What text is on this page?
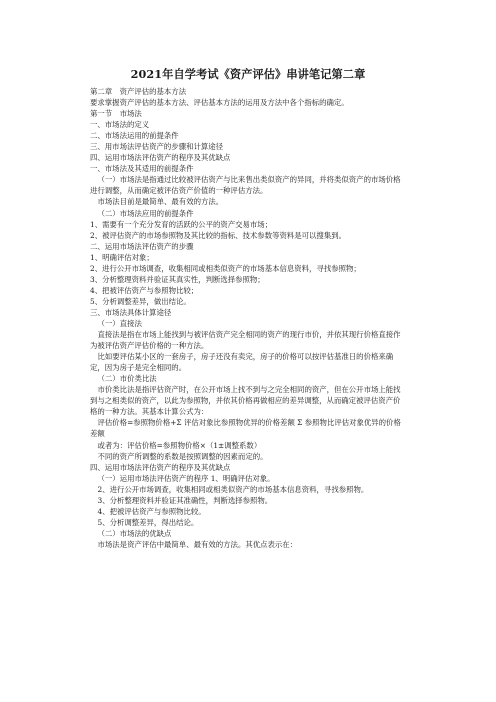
2021年自学考试《资产评估》串讲笔记第二章

第二章　资产评估的基本方法

要求掌握资产评估的基本方法、评估基本方法的运用及方法中各个指标的确定。

第一节　市场法

一、市场法的定义

二、市场法运用的前提条件

三、用市场法评估资产的步骤和计算途径

四、运用市场法评估资产的程序及其优缺点

一、市场法及其适用的前提条件

（一）市场法是指通过比较被评估资产与比来售出类似资产的异同，并将类似资产的市场价格进行调整，从而确定被评估资产价值的一种评估方法。

市场法目前是最简单、最有效的方法。

（二）市场法应用的前提条件

1、需要有一个充分发育的活跃的公平的资产交易市场；

2、被评估资产的市场参照物及其比较的指标、技术参数等资料是可以搜集到。

二、运用市场法评估资产的步骤

1、明确评估对象；

2、进行公开市场调查，收集相同或相类似资产的市场基本信息资料，寻找参照物；

3、分析整理资料并验证其真实性，判断选择参照物；

4、把被评估资产与参照物比较；

5、分析调整差异，做出结论。

三、市场法具体计算途径

（一）直接法

直接法是指在市场上能找到与被评估资产完全相同的资产的现行市价，并依其现行价格直接作为被评估资产评估价格的一种方法。

比如要评估某小区的一套房子，房子还没有卖完，房子的价格可以按评估基准日的价格来确定，因为房子是完全相同的。

（二）市价类比法

市价类比法是指评估资产时，在公开市场上找不到与之完全相同的资产，但在公开市场上能找到与之相类似的资产，以此为参照物，并依其价格再做相应的差异调整，从而确定被评估资产价格的一种方法。其基本计算公式为：

评估价格=参照物价格+Σ 评估对象比参照物优异的价格差额 Σ 参照物比评估对象优异的价格差额

或者为：评估价格=参照物价格×（1±调整系数）

不同的资产所调整的系数是按照调整的因素而定的。

四、运用市场法评估资产的程序及其优缺点

（一）运用市场法评估资产的程序 1、明确评估对象。

2、进行公开市场调查，收集相同或相类似资产的市场基本信息资料，寻找参照物。

3、分析整理资料并验证其准确性，判断选择参照物。

4、把被评估资产与参照物比较。

5、分析调整差异，得出结论。

（二）市场法的优缺点

市场法是资产评估中最简单、最有效的方法。其优点表示在：
